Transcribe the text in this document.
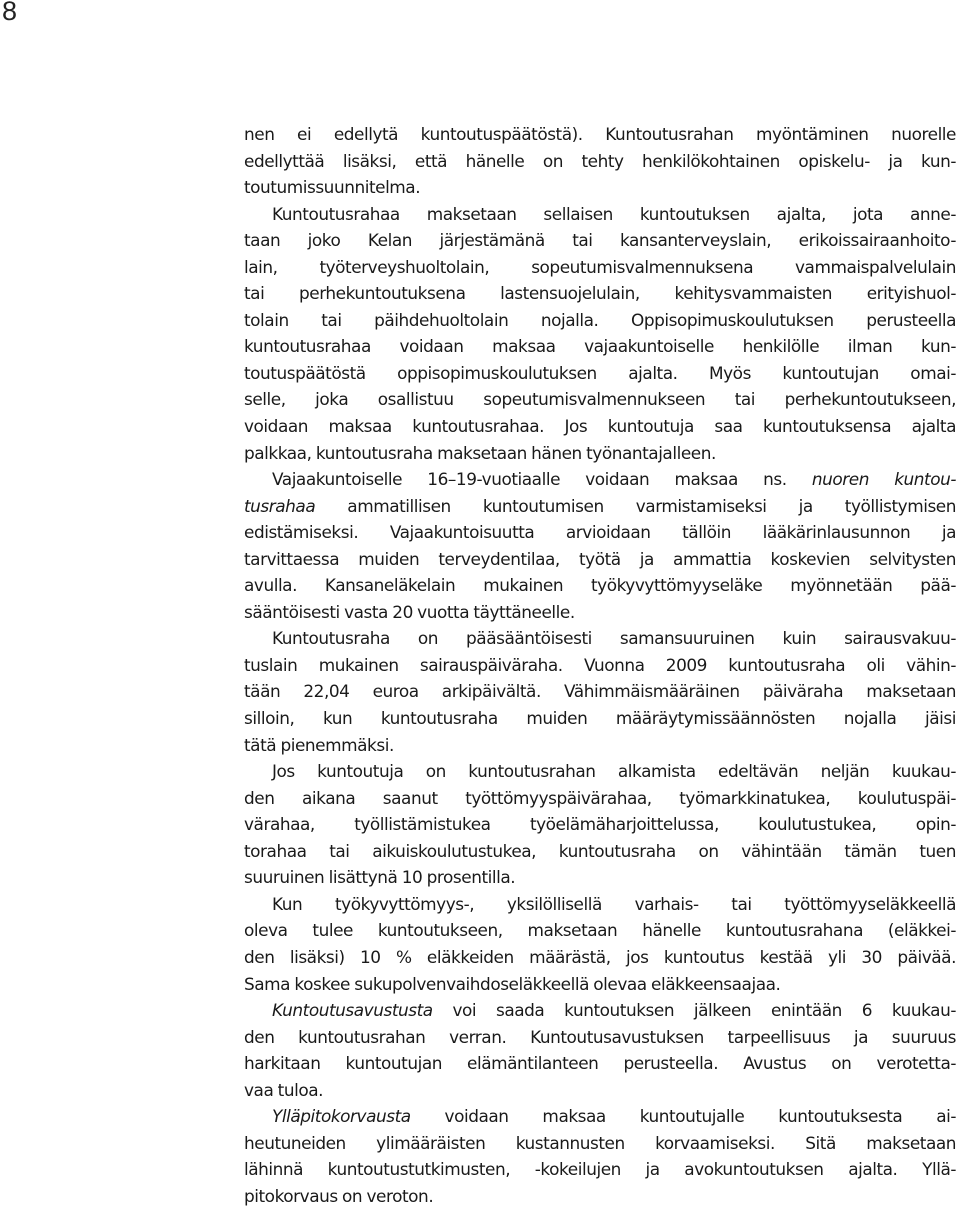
8
nen ei edellytä kuntoutuspäätöstä). Kuntoutusrahan myöntäminen nuorelle
edellyttää lisäksi, että hänelle on tehty henkilökohtainen opiskelu- ja kun-
toutumissuunnitelma.
Kuntoutusrahaa maksetaan sellaisen kuntoutuksen ajalta, jota anne-
taan joko Kelan järjestämänä tai kansanterveyslain, erikoissairaanhoito-
lain, työterveyshuoltolain, sopeutumisvalmennuksena vammaispalvelulain
tai perhekuntoutuksena lastensuojelulain, kehitysvammaisten erityishuol-
tolain tai päihdehuoltolain nojalla. Oppisopimuskoulutuksen perusteella
kuntoutusrahaa voidaan maksaa vajaakuntoiselle henkilölle ilman kun-
toutuspäätöstä oppisopimuskoulutuksen ajalta. Myös kuntoutujan omai-
selle, joka osallistuu sopeutumisvalmennukseen tai perhekuntoutukseen,
voidaan maksaa kuntoutusrahaa. Jos kuntoutuja saa kuntoutuksensa ajalta
palkkaa, kuntoutusraha maksetaan hänen työnantajalleen.
Vajaakuntoiselle 16–19-vuotiaalle voidaan maksaa ns. nuoren kuntou-
tusrahaa ammatillisen kuntoutumisen varmistamiseksi ja työllistymisen
edistämiseksi. Vajaakuntoisuutta arvioidaan tällöin lääkärinlausunnon ja
tarvittaessa muiden terveydentilaa, työtä ja ammattia koskevien selvitysten
avulla. Kansaneläkelain mukainen työkyvyttömyyseläke myönnetään pää-
sääntöisesti vasta 20 vuotta täyttäneelle.
Kuntoutusraha on pääsääntöisesti samansuuruinen kuin sairausvakuu-
tuslain mukainen sairauspäiväraha. Vuonna 2009 kuntoutusraha oli vähin-
tään 22,04 euroa arkipäivältä. Vähimmäismääräinen päiväraha maksetaan
silloin, kun kuntoutusraha muiden määräytymissäännösten nojalla jäisi
tätä pienemmäksi.
Jos kuntoutuja on kuntoutusrahan alkamista edeltävän neljän kuukau-
den aikana saanut työttömyyspäivärahaa, työmarkkinatukea, koulutuspäi-
värahaa, työllistämistukea työelämäharjoittelussa, koulutustukea, opin-
torahaa tai aikuiskoulutustukea, kuntoutusraha on vähintään tämän tuen
suuruinen lisättynä 10 prosentilla.
Kun työkyvyttömyys-, yksilöllisellä varhais- tai työttömyyseläkkeellä
oleva tulee kuntoutukseen, maksetaan hänelle kuntoutusrahana (eläkkei-
den lisäksi) 10 % eläkkeiden määrästä, jos kuntoutus kestää yli 30 päivää.
Sama koskee sukupolvenvaihdoseläkkeellä olevaa eläkkeensaajaa.
Kuntoutusavustusta voi saada kuntoutuksen jälkeen enintään 6 kuukau-
den kuntoutusrahan verran. Kuntoutusavustuksen tarpeellisuus ja suuruus
harkitaan kuntoutujan elämäntilanteen perusteella. Avustus on verotetta-
vaa tuloa.
Ylläpitokorvausta voidaan maksaa kuntoutujalle kuntoutuksesta ai-
heutuneiden ylimääräisten kustannusten korvaamiseksi. Sitä maksetaan
lähinnä kuntoutustutkimusten, -kokeilujen ja avokuntoutuksen ajalta. Yllä-
pitokorvaus on veroton.
